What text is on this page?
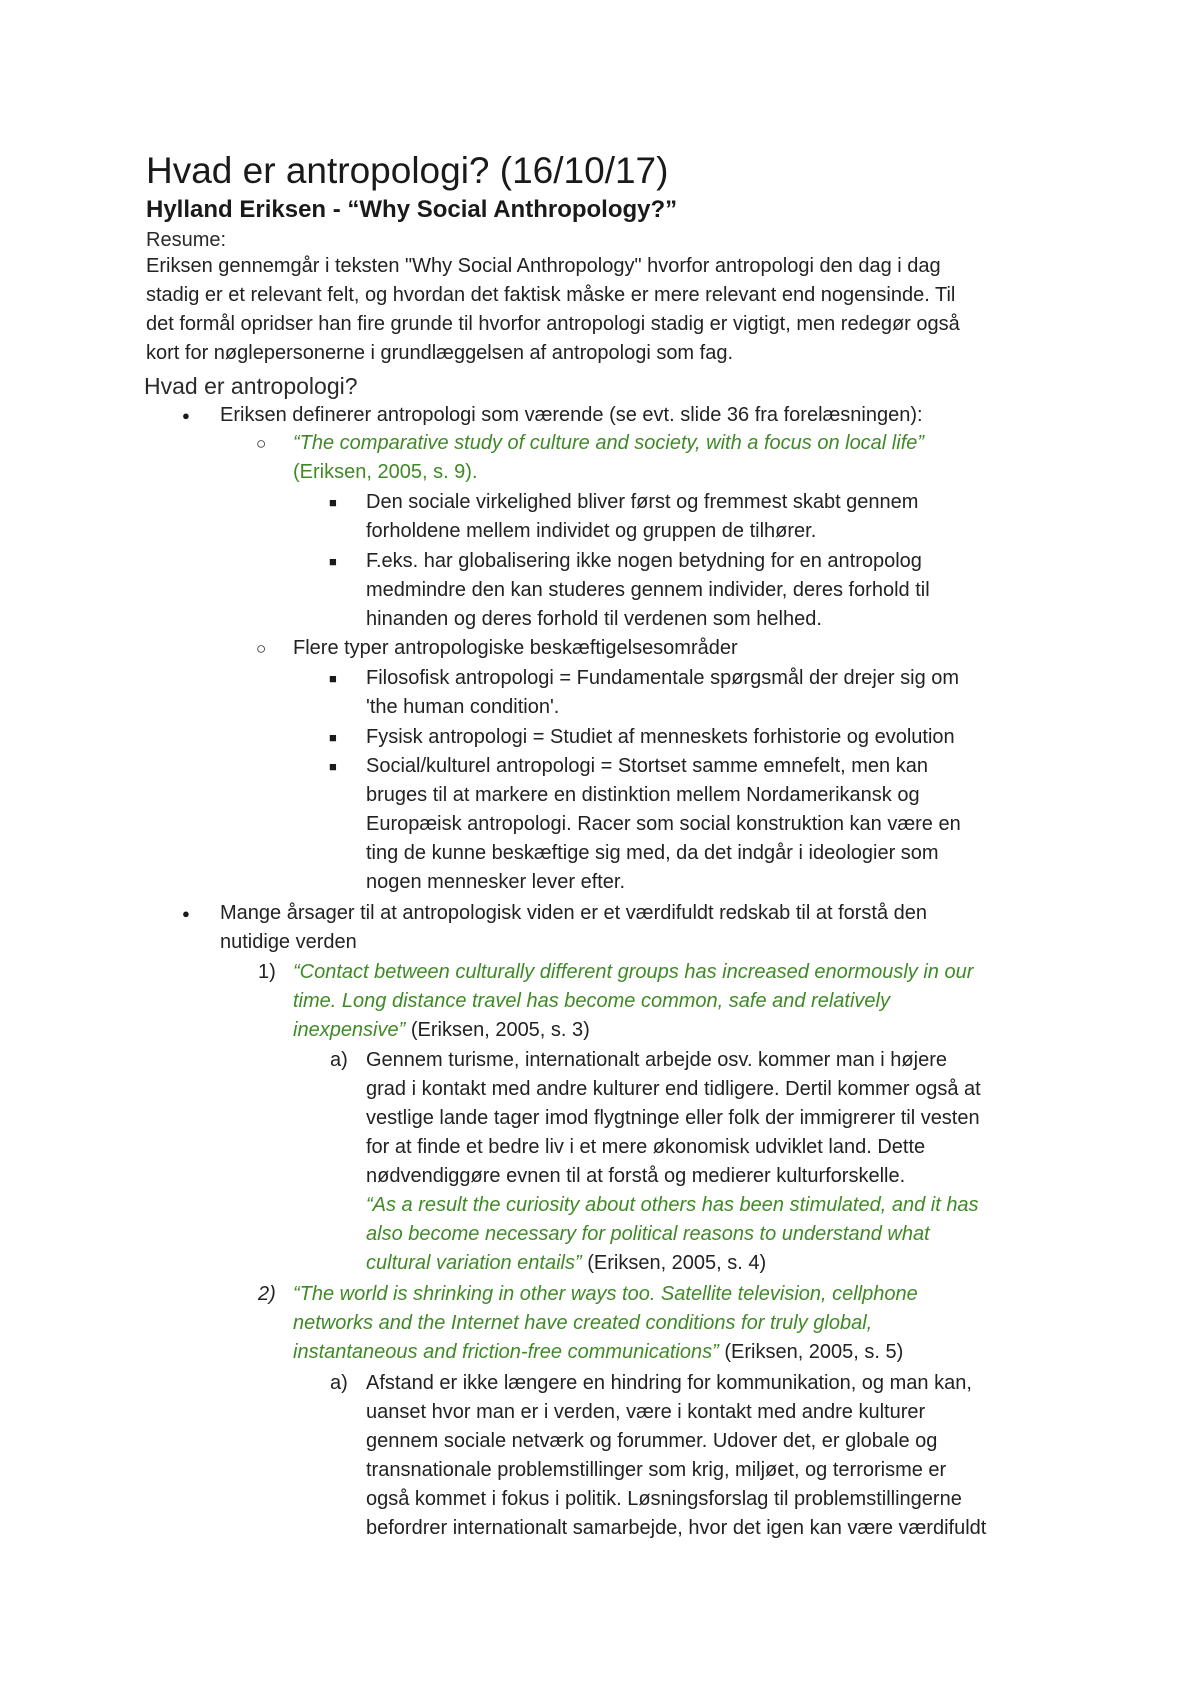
Hvad er antropologi? (16/10/17)
Hylland Eriksen - “Why Social Anthropology?”
Resume:
Eriksen gennemgår i teksten "Why Social Anthropology" hvorfor antropologi den dag i dag
stadig er et relevant felt, og hvordan det faktisk måske er mere relevant end nogensinde. Til
det formål opridser han fire grunde til hvorfor antropologi stadig er vigtigt, men redegør også
kort for nøglepersonerne i grundlæggelsen af antropologi som fag.
Hvad er antropologi?
● Eriksen definerer antropologi som værende (se evt. slide 36 fra forelæsningen):
○ “The comparative study of culture and society, with a focus on local life”
(Eriksen, 2005, s. 9).
■ Den sociale virkelighed bliver først og fremmest skabt gennem
forholdene mellem individet og gruppen de tilhører.
■ F.eks. har globalisering ikke nogen betydning for en antropolog
medmindre den kan studeres gennem individer, deres forhold til
hinanden og deres forhold til verdenen som helhed.
○ Flere typer antropologiske beskæftigelsesområder
■ Filosofisk antropologi = Fundamentale spørgsmål der drejer sig om
'the human condition'.
■ Fysisk antropologi = Studiet af menneskets forhistorie og evolution
■ Social/kulturel antropologi = Stortset samme emnefelt, men kan
bruges til at markere en distinktion mellem Nordamerikansk og
Europæisk antropologi. Racer som social konstruktion kan være en
ting de kunne beskæftige sig med, da det indgår i ideologier som
nogen mennesker lever efter.
● Mange årsager til at antropologisk viden er et værdifuldt redskab til at forstå den
nutidige verden
1) “Contact between culturally different groups has increased enormously in our
time. Long distance travel has become common, safe and relatively
inexpensive” (Eriksen, 2005, s. 3)
a) Gennem turisme, internationalt arbejde osv. kommer man i højere
grad i kontakt med andre kulturer end tidligere. Dertil kommer også at
vestlige lande tager imod flygtninge eller folk der immigrerer til vesten
for at finde et bedre liv i et mere økonomisk udviklet land. Dette
nødvendiggøre evnen til at forstå og medierer kulturforskelle.
“As a result the curiosity about others has been stimulated, and it has
also become necessary for political reasons to understand what
cultural variation entails” (Eriksen, 2005, s. 4)
2) “The world is shrinking in other ways too. Satellite television, cellphone
networks and the Internet have created conditions for truly global,
instantaneous and friction-free communications” (Eriksen, 2005, s. 5)
a) Afstand er ikke længere en hindring for kommunikation, og man kan,
uanset hvor man er i verden, være i kontakt med andre kulturer
gennem sociale netværk og forummer. Udover det, er globale og
transnationale problemstillinger som krig, miljøet, og terrorisme er
også kommet i fokus i politik. Løsningsforslag til problemstillingerne
befordrer internationalt samarbejde, hvor det igen kan være værdifuldt
